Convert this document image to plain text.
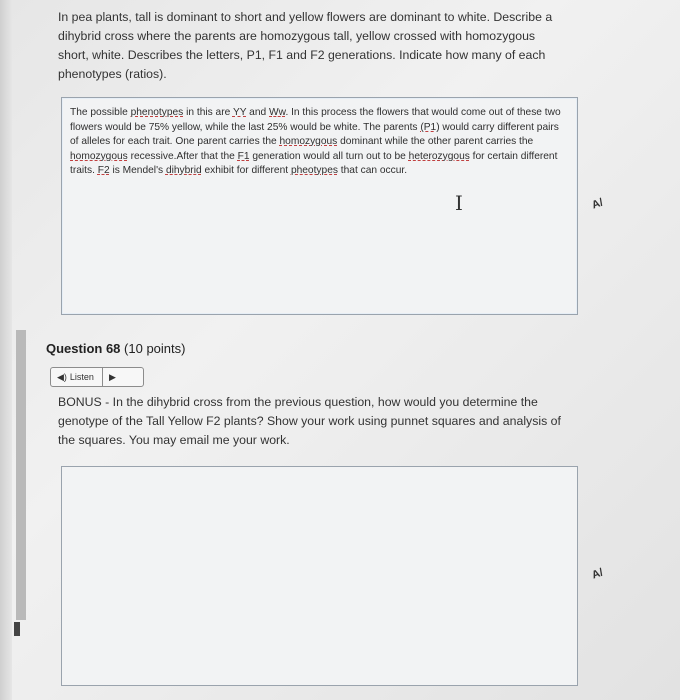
In pea plants, tall is dominant to short and yellow flowers are dominant to white. Describe a dihybrid cross where the parents are homozygous tall, yellow crossed with homozygous short, white. Describes the letters, P1, F1 and F2 generations. Indicate how many of each phenotypes (ratios).
The possible phenotypes in this are YY and Ww. In this process the flowers that would come out of these two flowers would be 75% yellow, while the last 25% would be white. The parents (P1) would carry different pairs of alleles for each trait. One parent carries the homozygous dominant while the other parent carries the homozygous recessive.After that the F1 generation would all turn out to be heterozygous for certain different traits. F2 is Mendel's dihybrid exhibit for different pheotypes that can occur.
I
Question 68 (10 points)
◀) Listen ▶
BONUS - In the dihybrid cross from the previous question, how would you determine the genotype of the Tall Yellow F2 plants? Show your work using punnet squares and analysis of the squares. You may email me your work.
A/
A/
